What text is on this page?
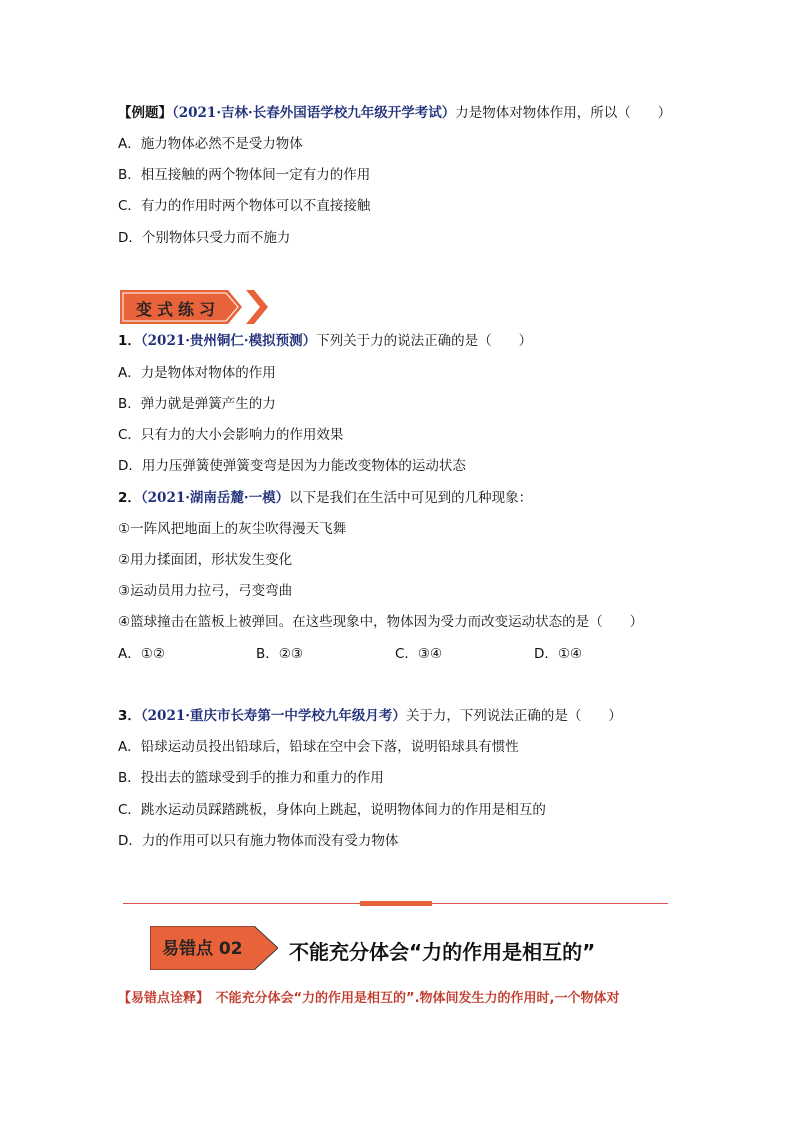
【例题】（2021·吉林·长春外国语学校九年级开学考试）力是物体对物体作用，所以（　　）
A．施力物体必然不是受力物体
B．相互接触的两个物体间一定有力的作用
C．有力的作用时两个物体可以不直接接触
D．个别物体只受力而不施力
变式练习
1．（2021·贵州铜仁·模拟预测）下列关于力的说法正确的是（　　）
A．力是物体对物体的作用
B．弹力就是弹簧产生的力
C．只有力的大小会影响力的作用效果
D．用力压弹簧使弹簧变弯是因为力能改变物体的运动状态
2．（2021·湖南岳麓·一模）以下是我们在生活中可见到的几种现象：
①一阵风把地面上的灰尘吹得漫天飞舞
②用力揉面团，形状发生变化
③运动员用力拉弓，弓变弯曲
④篮球撞击在篮板上被弹回。在这些现象中，物体因为受力而改变运动状态的是（　　）
A．①②	B．②③	C．③④	D．①④
3．（2021·重庆市长寿第一中学校九年级月考）关于力，下列说法正确的是（　　）
A．铅球运动员投出铅球后，铅球在空中会下落，说明铅球具有惯性
B．投出去的篮球受到手的推力和重力的作用
C．跳水运动员踩踏跳板，身体向上跳起，说明物体间力的作用是相互的
D．力的作用可以只有施力物体而没有受力物体
易错点 02 不能充分体会“力的作用是相互的”
【易错点诠释】　不能充分体会“力的作用是相互的”.物体间发生力的作用时,一个物体对
